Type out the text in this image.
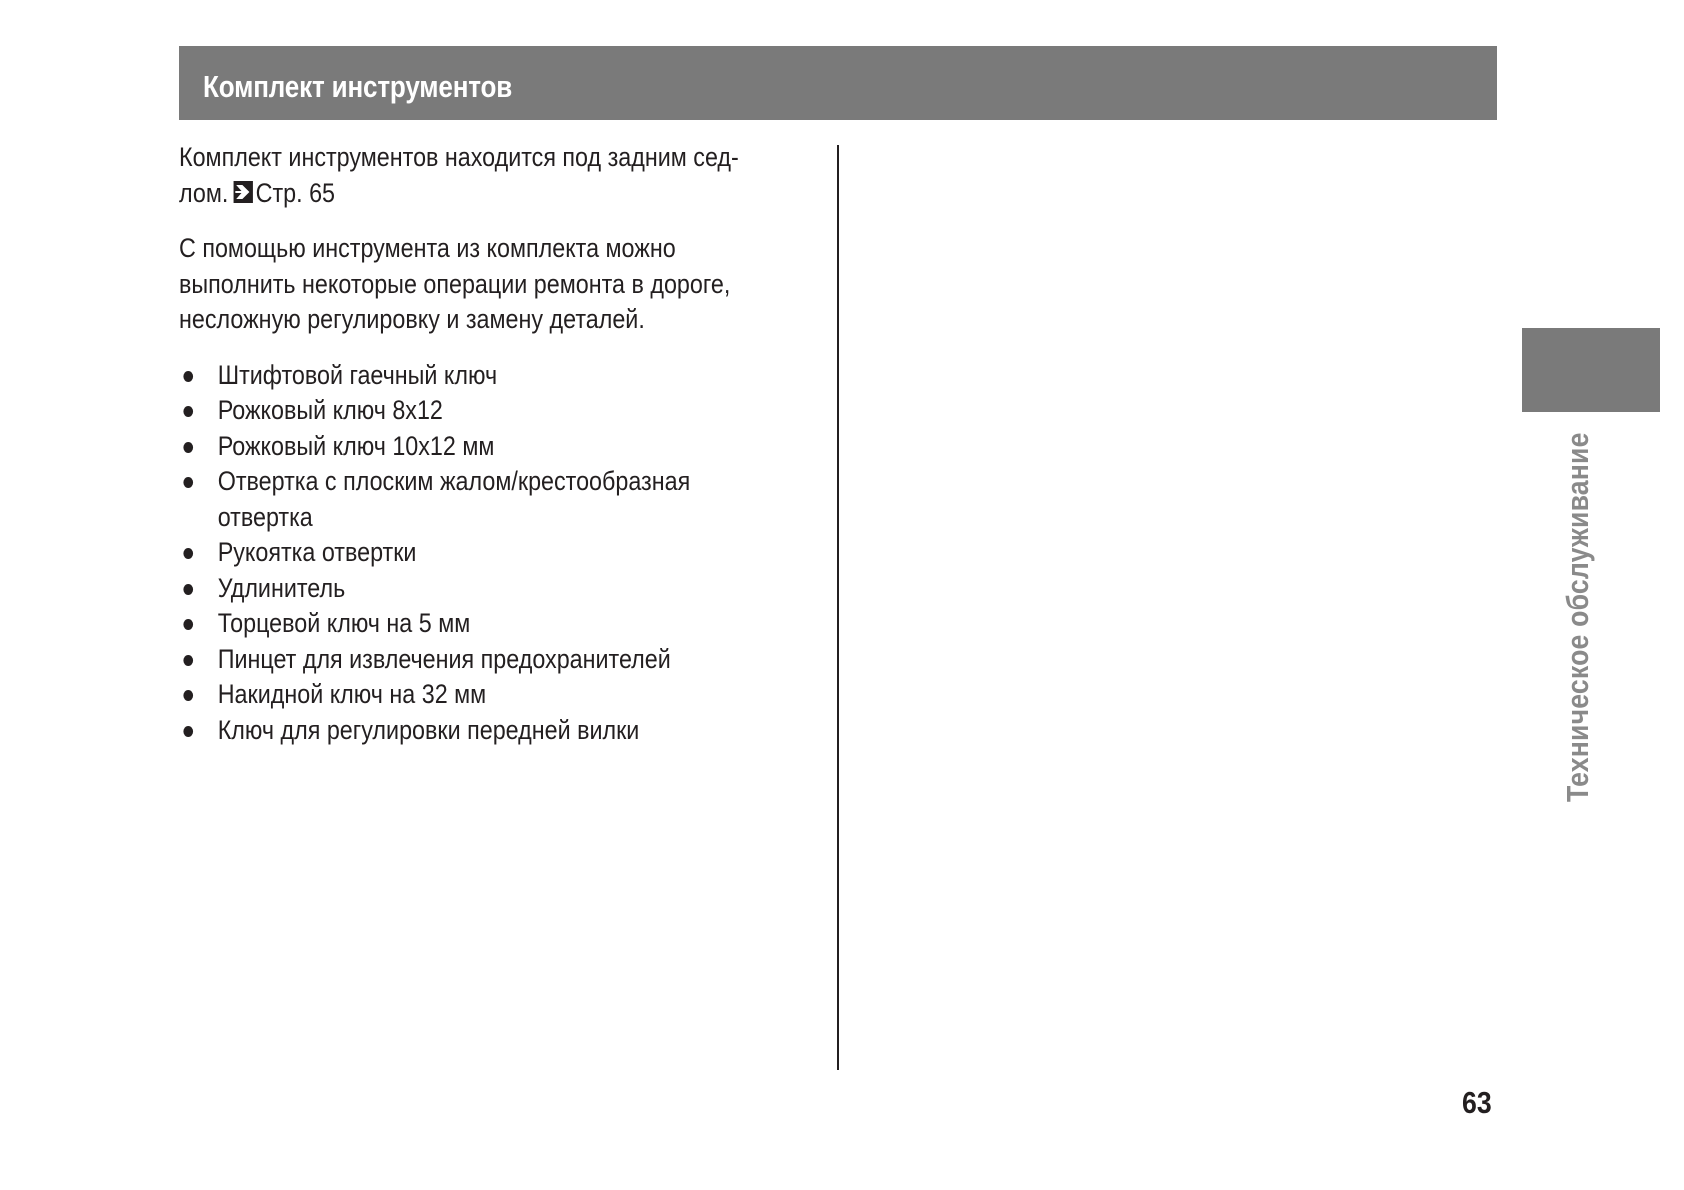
Комплект инструментов

Комплект инструментов находится под задним сед-
лом. Стр. 65

С помощью инструмента из комплекта можно
выполнить некоторые операции ремонта в дороге,
несложную регулировку и замену деталей.

Штифтовой гаечный ключ
Рожковый ключ 8x12
Рожковый ключ 10x12 мм
Отвертка с плоским жалом/крестообразная
отвертка
Рукоятка отвертки
Удлинитель
Торцевой ключ на 5 мм
Пинцет для извлечения предохранителей
Накидной ключ на 32 мм
Ключ для регулировки передней вилки	Техническое обслуживание
63
